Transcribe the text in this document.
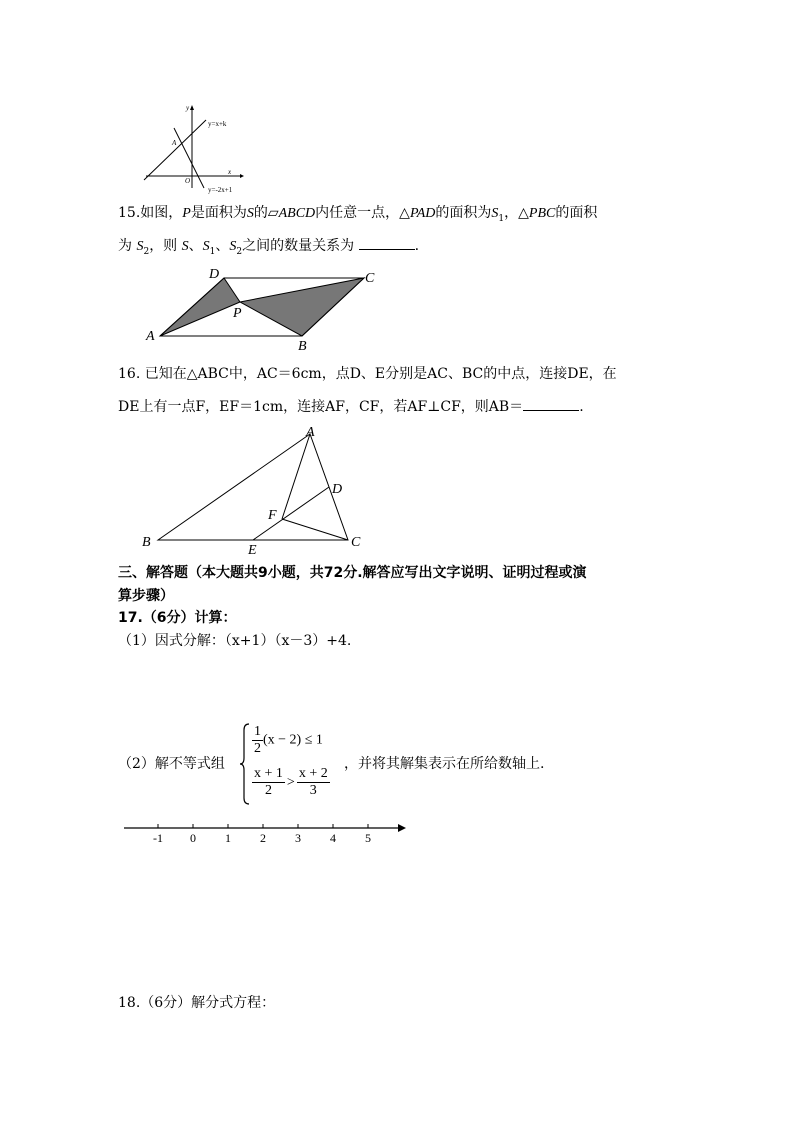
y
x
O
A
y=x+k
y=-2x+1
15.如图，P是面积为S的▱ABCD内任意一点，△PAD的面积为$S_1$，△PBC的面积
为 $S_2$，则 S、$S_1$、$S_2$之间的数量关系为	.
A
B
C
D
P
16. 已知在△ABC中，AC＝6cm，点D、E分别是AC、BC的中点，连接DE，在
DE上有一点F，EF＝1cm，连接AF，CF，若AF⊥CF，则AB＝	.
A
B	C
D
E
F
三、解答题（本大题共9小题，共72分.解答应写出文字说明、证明过程或演
算步骤）
17.（6分）计算：
（1）因式分解：（x+1）（x－3）+4.
（2）解不等式组
$\frac{1}{2} (x - 2) \le 1$
$\frac{x + 1}{2} > \frac{x + 2}{3}$
，并将其解集表示在所给数轴上.
-1 0 1 2 3 4 5
18.（6分）解分式方程：
